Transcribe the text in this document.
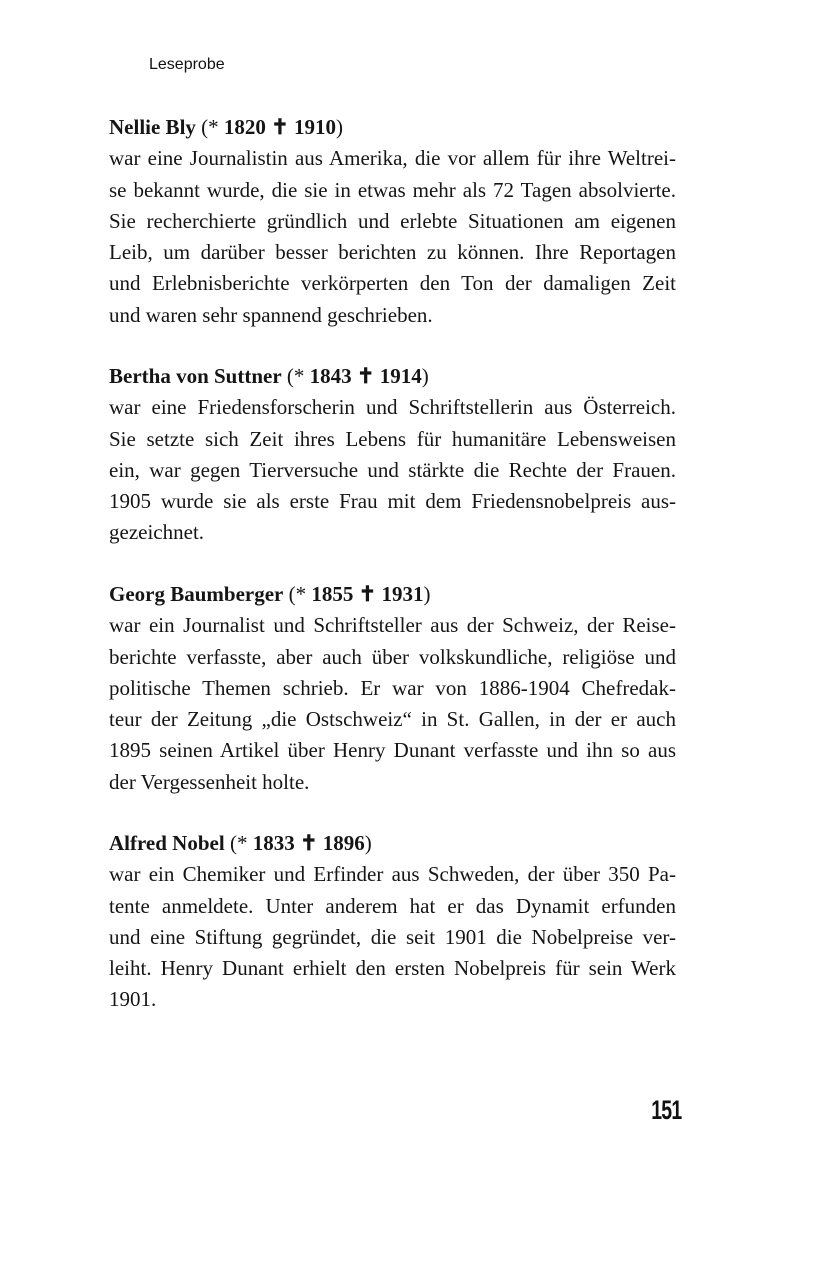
Leseprobe
Nellie Bly (* 1820 ✝ 1910)
war eine Journalistin aus Amerika, die vor allem für ihre Weltrei-
se bekannt wurde, die sie in etwas mehr als 72 Tagen absolvierte.
Sie recherchierte gründlich und erlebte Situationen am eigenen
Leib, um darüber besser berichten zu können. Ihre Reportagen
und Erlebnisberichte verkörperten den Ton der damaligen Zeit
und waren sehr spannend geschrieben.
Bertha von Suttner (* 1843 ✝ 1914)
war eine Friedensforscherin und Schriftstellerin aus Österreich.
Sie setzte sich Zeit ihres Lebens für humanitäre Lebensweisen
ein, war gegen Tierversuche und stärkte die Rechte der Frauen.
1905 wurde sie als erste Frau mit dem Friedensnobelpreis aus-
gezeichnet.
Georg Baumberger (* 1855 ✝ 1931)
war ein Journalist und Schriftsteller aus der Schweiz, der Reise-
berichte verfasste, aber auch über volkskundliche, religiöse und
politische Themen schrieb. Er war von 1886-1904 Chefredak-
teur der Zeitung „die Ostschweiz“ in St. Gallen, in der er auch
1895 seinen Artikel über Henry Dunant verfasste und ihn so aus
der Vergessenheit holte.
Alfred Nobel (* 1833 ✝ 1896)
war ein Chemiker und Erfinder aus Schweden, der über 350 Pa-
tente anmeldete. Unter anderem hat er das Dynamit erfunden
und eine Stiftung gegründet, die seit 1901 die Nobelpreise ver-
leiht. Henry Dunant erhielt den ersten Nobelpreis für sein Werk
1901.
151
